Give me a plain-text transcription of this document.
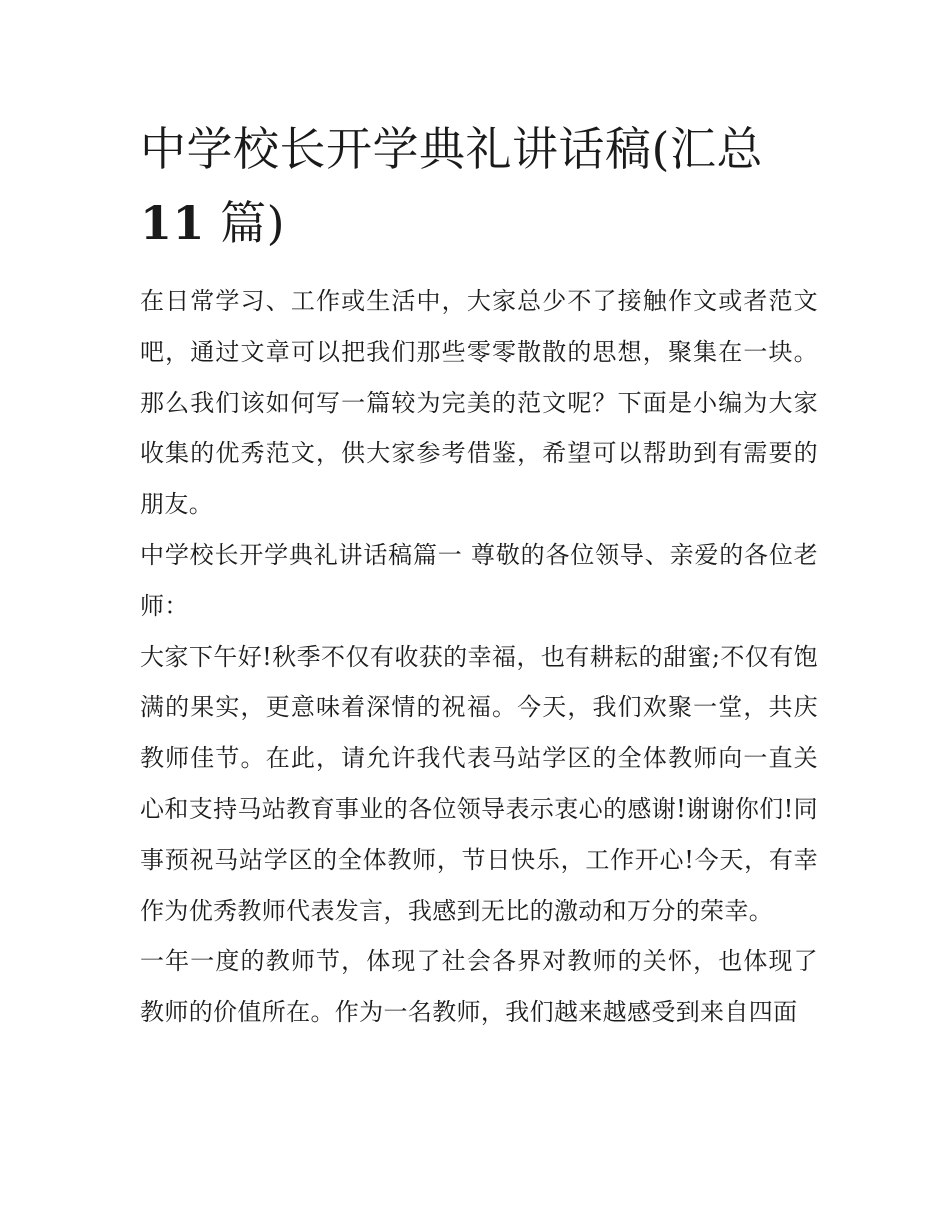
中学校长开学典礼讲话稿(汇总
11 篇)

在日常学习、工作或生活中，大家总少不了接触作文或者范文吧，通过文章可以把我们那些零零散散的思想，聚集在一块。那么我们该如何写一篇较为完美的范文呢？下面是小编为大家收集的优秀范文，供大家参考借鉴，希望可以帮助到有需要的朋友。

中学校长开学典礼讲话稿篇一 尊敬的各位领导、亲爱的各位老师：

大家下午好!秋季不仅有收获的幸福，也有耕耘的甜蜜;不仅有饱满的果实，更意味着深情的祝福。今天，我们欢聚一堂，共庆教师佳节。在此，请允许我代表马站学区的全体教师向一直关心和支持马站教育事业的各位领导表示衷心的感谢!谢谢你们!同事预祝马站学区的全体教师，节日快乐，工作开心!今天，有幸作为优秀教师代表发言，我感到无比的激动和万分的荣幸。

一年一度的教师节，体现了社会各界对教师的关怀，也体现了教师的价值所在。作为一名教师，我们越来越感受到来自四面
